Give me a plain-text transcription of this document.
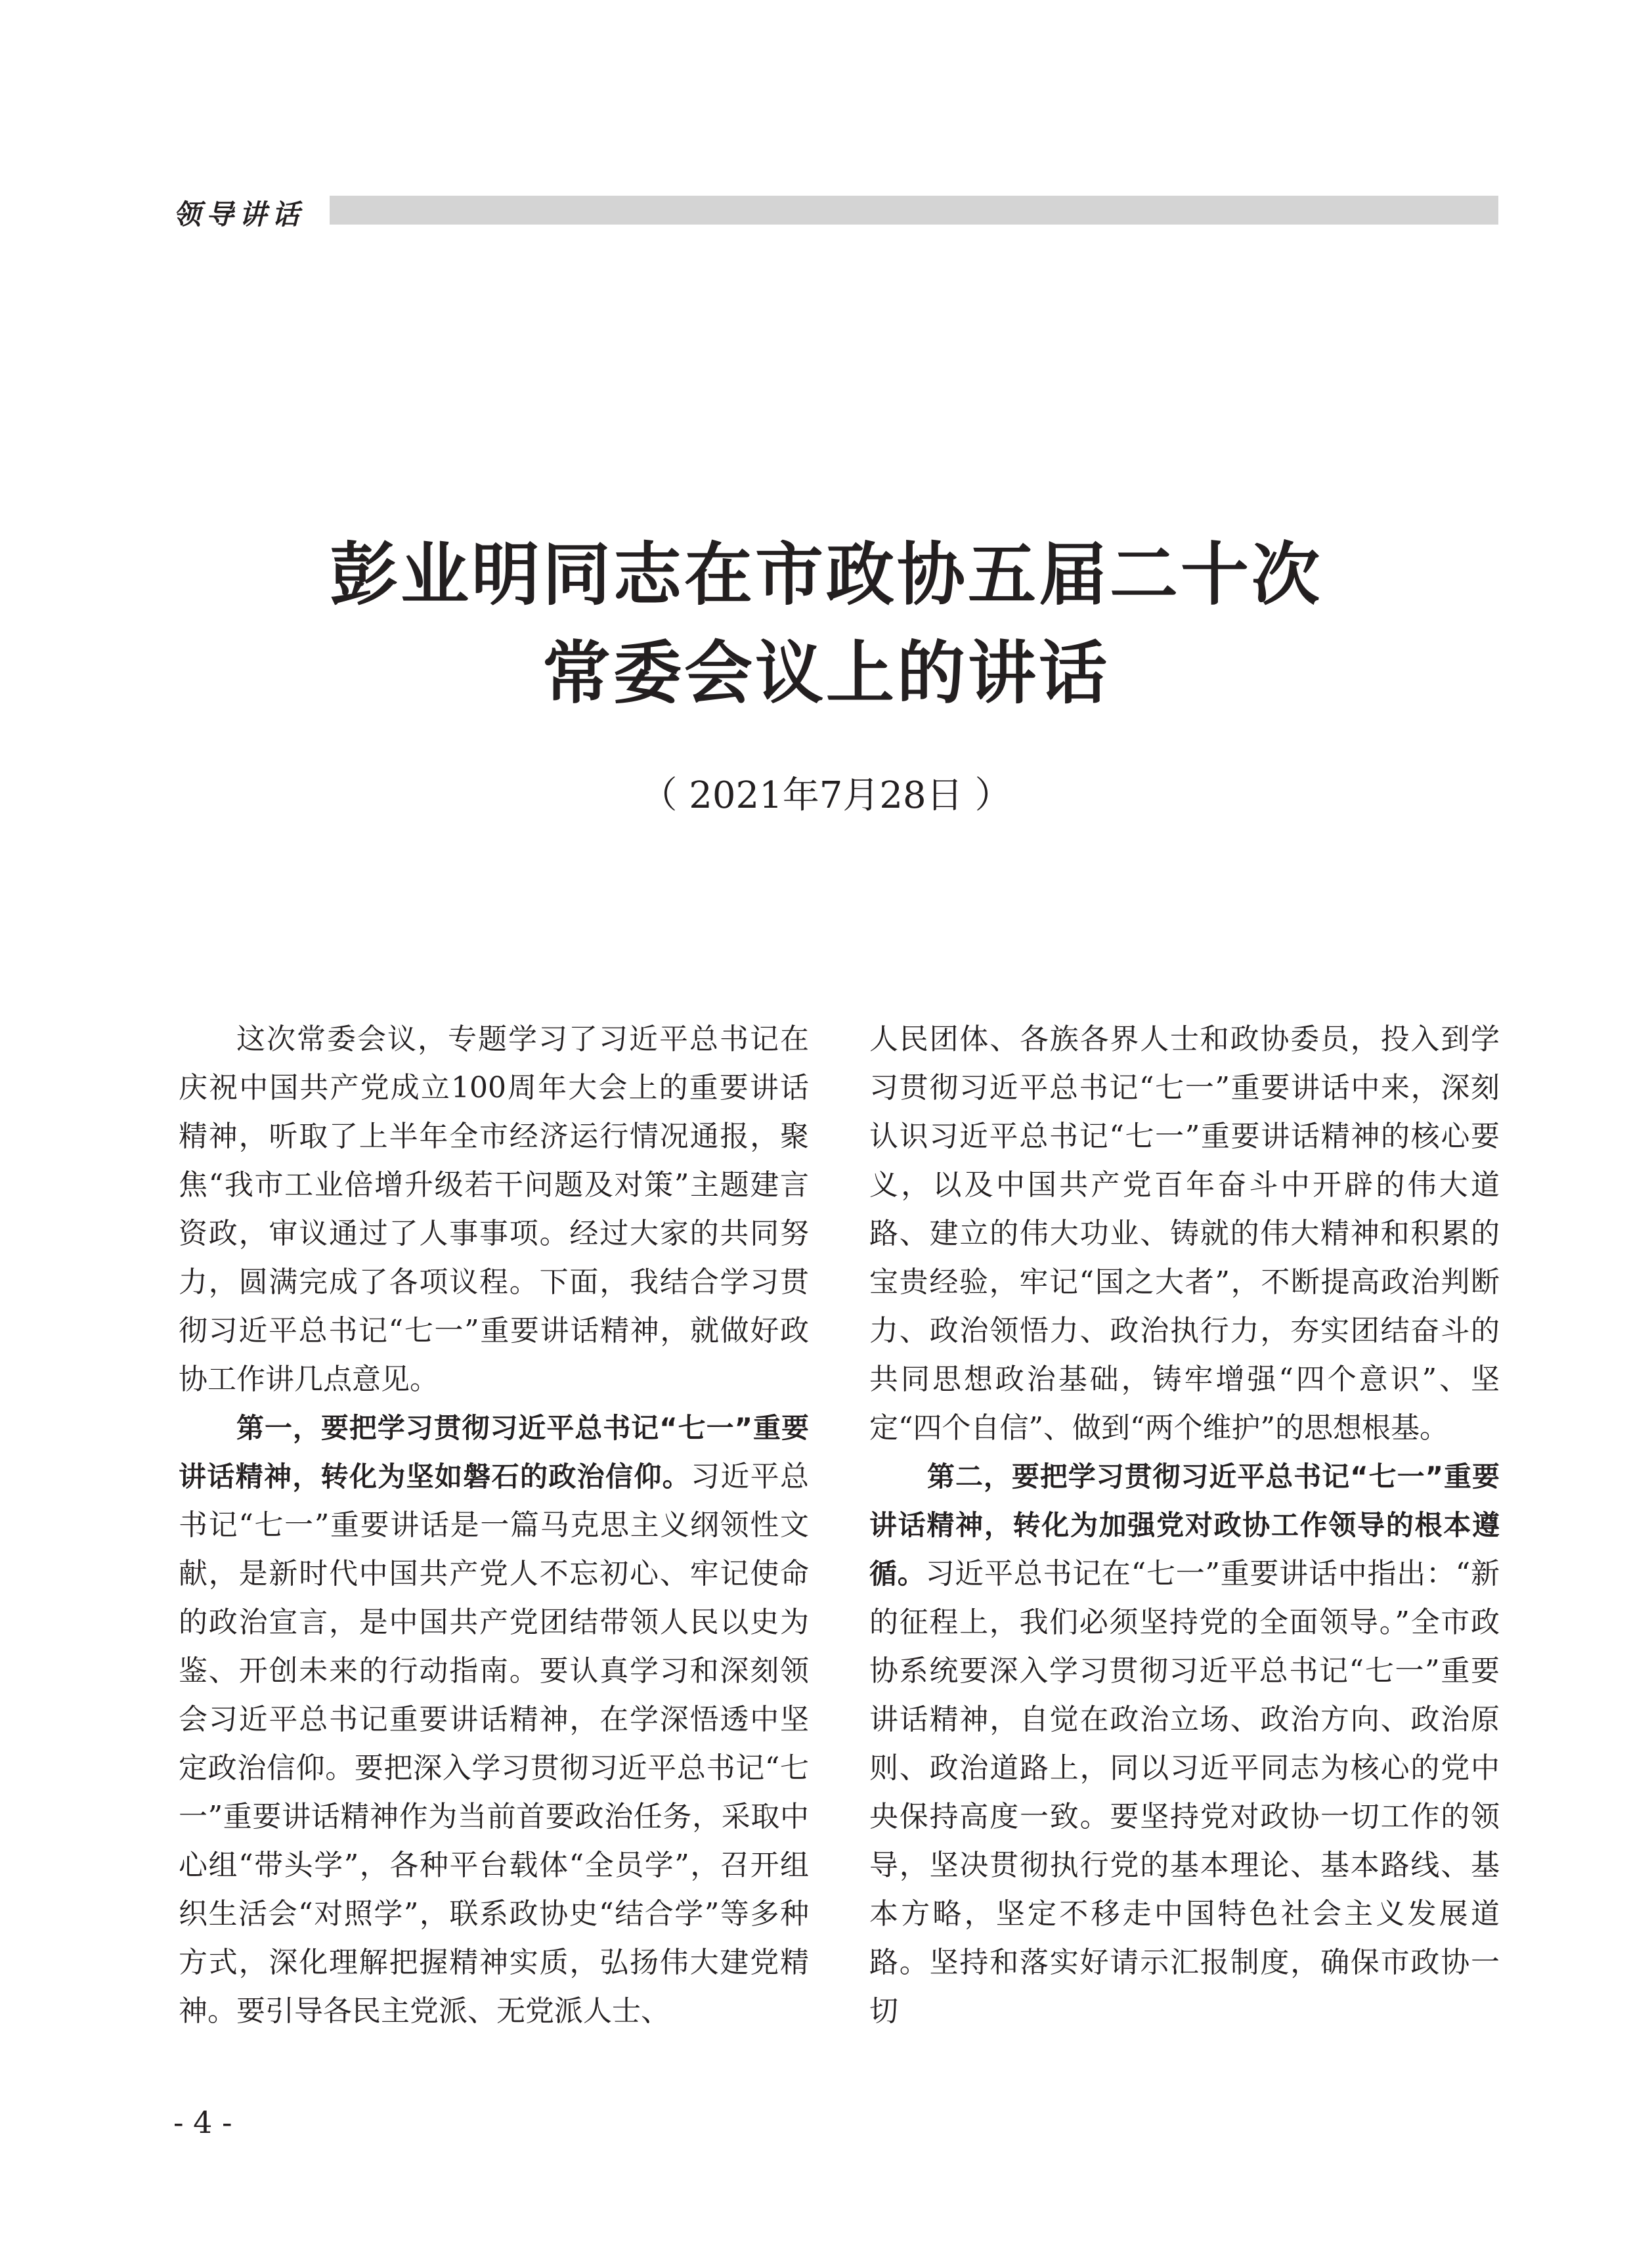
领导讲话
彭业明同志在市政协五届二十次
常委会议上的讲话
（ 2021年7月28日 ）

这次常委会议，专题学习了习近平总书记在庆祝中国共产党成立100周年大会上的重要讲话精神，听取了上半年全市经济运行情况通报，聚焦“我市工业倍增升级若干问题及对策”主题建言资政，审议通过了人事事项。经过大家的共同努力，圆满完成了各项议程。下面，我结合学习贯彻习近平总书记“七一”重要讲话精神，就做好政协工作讲几点意见。

第一，要把学习贯彻习近平总书记“七一”重要讲话精神，转化为坚如磐石的政治信仰。习近平总书记“七一”重要讲话是一篇马克思主义纲领性文献，是新时代中国共产党人不忘初心、牢记使命的政治宣言，是中国共产党团结带领人民以史为鉴、开创未来的行动指南。要认真学习和深刻领会习近平总书记重要讲话精神，在学深悟透中坚定政治信仰。要把深入学习贯彻习近平总书记“七一”重要讲话精神作为当前首要政治任务，采取中心组“带头学”，各种平台载体“全员学”，召开组织生活会“对照学”，联系政协史“结合学”等多种方式，深化理解把握精神实质，弘扬伟大建党精神。要引导各民主党派、无党派人士、

人民团体、各族各界人士和政协委员，投入到学习贯彻习近平总书记“七一”重要讲话中来，深刻认识习近平总书记“七一”重要讲话精神的核心要义，以及中国共产党百年奋斗中开辟的伟大道路、建立的伟大功业、铸就的伟大精神和积累的宝贵经验，牢记“国之大者”，不断提高政治判断力、政治领悟力、政治执行力，夯实团结奋斗的共同思想政治基础，铸牢增强“四个意识”、坚定“四个自信”、做到“两个维护”的思想根基。

第二，要把学习贯彻习近平总书记“七一”重要讲话精神，转化为加强党对政协工作领导的根本遵循。习近平总书记在“七一”重要讲话中指出：“新的征程上，我们必须坚持党的全面领导。”全市政协系统要深入学习贯彻习近平总书记“七一”重要讲话精神，自觉在政治立场、政治方向、政治原则、政治道路上，同以习近平同志为核心的党中央保持高度一致。要坚持党对政协一切工作的领导，坚决贯彻执行党的基本理论、基本路线、基本方略，坚定不移走中国特色社会主义发展道路。坚持和落实好请示汇报制度，确保市政协一切

- 4 -
